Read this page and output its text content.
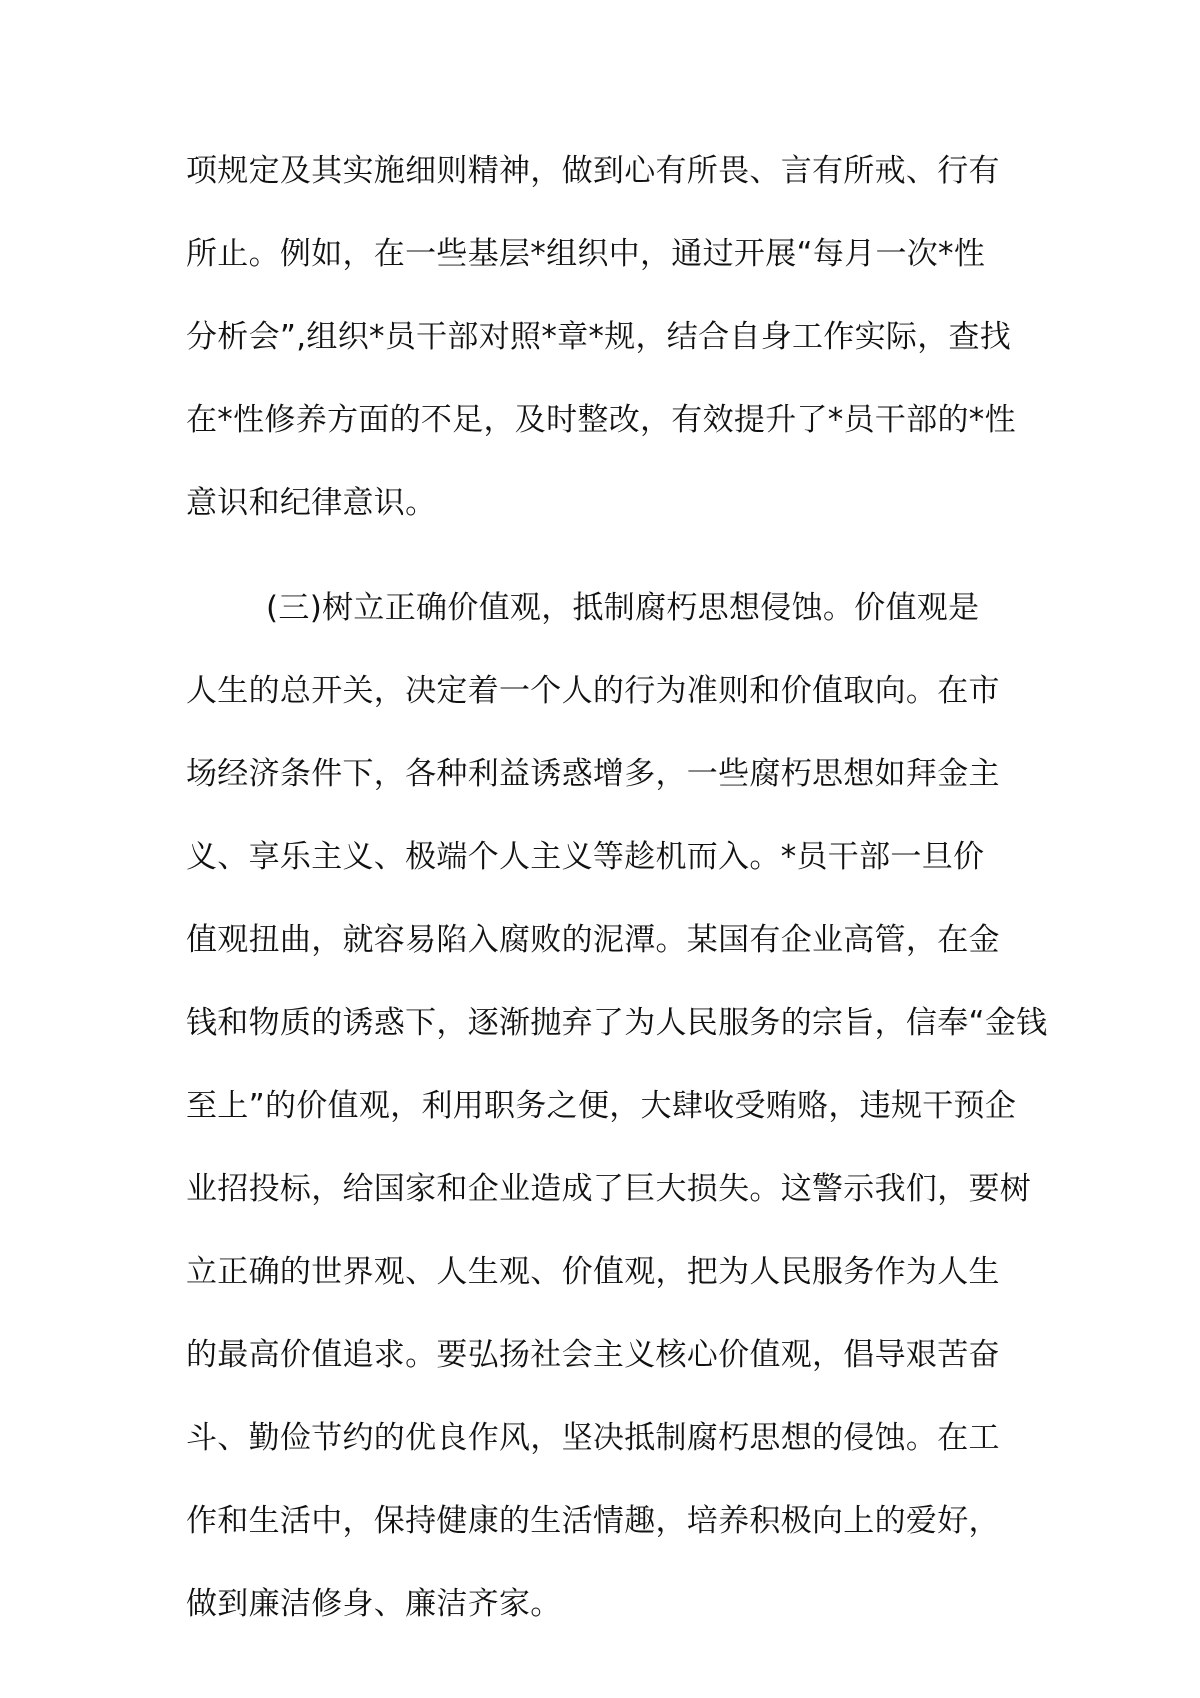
项规定及其实施细则精神，做到心有所畏、言有所戒、行有
所止。例如，在一些基层*组织中，通过开展“每月一次*性
分析会”,组织*员干部对照*章*规，结合自身工作实际，查找
在*性修养方面的不足，及时整改，有效提升了*员干部的*性
意识和纪律意识。
(三)树立正确价值观，抵制腐朽思想侵蚀。价值观是
人生的总开关，决定着一个人的行为准则和价值取向。在市
场经济条件下，各种利益诱惑增多，一些腐朽思想如拜金主
义、享乐主义、极端个人主义等趁机而入。*员干部一旦价
值观扭曲，就容易陷入腐败的泥潭。某国有企业高管，在金
钱和物质的诱惑下，逐渐抛弃了为人民服务的宗旨，信奉“金钱
至上”的价值观，利用职务之便，大肆收受贿赂，违规干预企
业招投标，给国家和企业造成了巨大损失。这警示我们，要树
立正确的世界观、人生观、价值观，把为人民服务作为人生
的最高价值追求。要弘扬社会主义核心价值观，倡导艰苦奋
斗、勤俭节约的优良作风，坚决抵制腐朽思想的侵蚀。在工
作和生活中，保持健康的生活情趣，培养积极向上的爱好，
做到廉洁修身、廉洁齐家。
